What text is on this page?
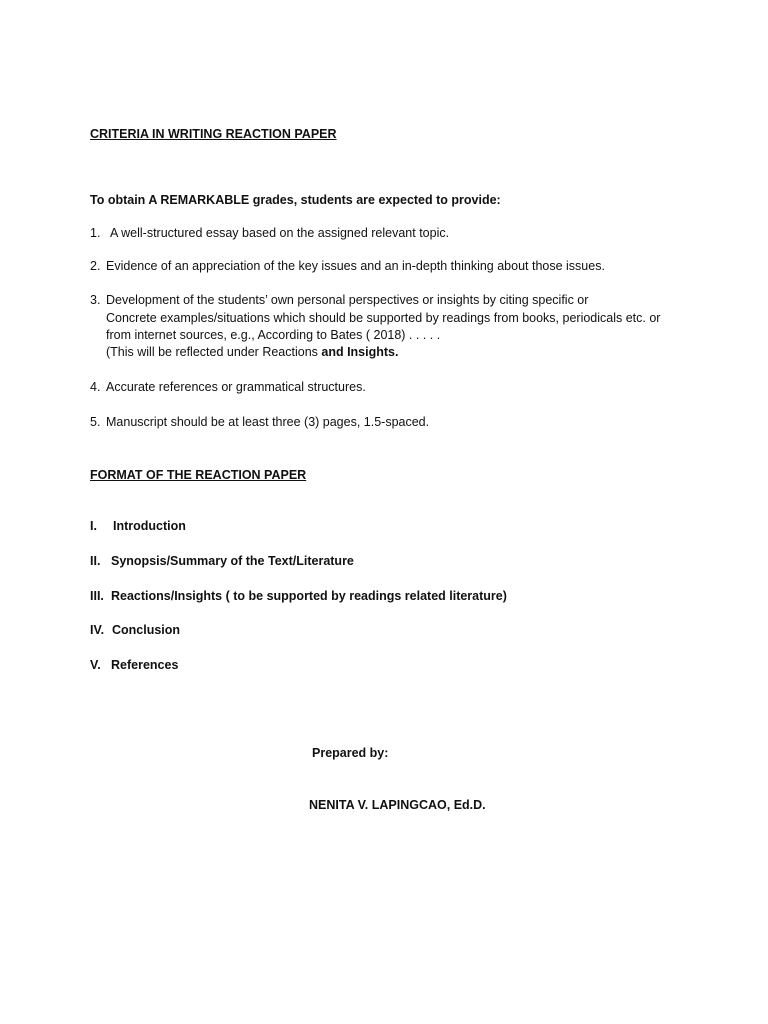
CRITERIA IN WRITING REACTION PAPER
To obtain A REMARKABLE grades, students are expected to provide:
1. A well-structured essay based on the assigned relevant topic.
2. Evidence of an appreciation of the key issues and an in-depth thinking about those issues.
3. Development of the students’ own personal perspectives or insights by citing specific or
Concrete examples/situations which should be supported by readings from books, periodicals etc. or
from internet sources, e.g., According to Bates ( 2018) . . . . .
(This will be reflected under Reactions and Insights.
4. Accurate references or grammatical structures.
5. Manuscript should be at least three (3) pages, 1.5-spaced.
FORMAT OF THE REACTION PAPER
I. Introduction
II. Synopsis/Summary of the Text/Literature
III. Reactions/Insights ( to be supported by readings related literature)
IV. Conclusion
V. References
Prepared by:
NENITA V. LAPINGCAO, Ed.D.
